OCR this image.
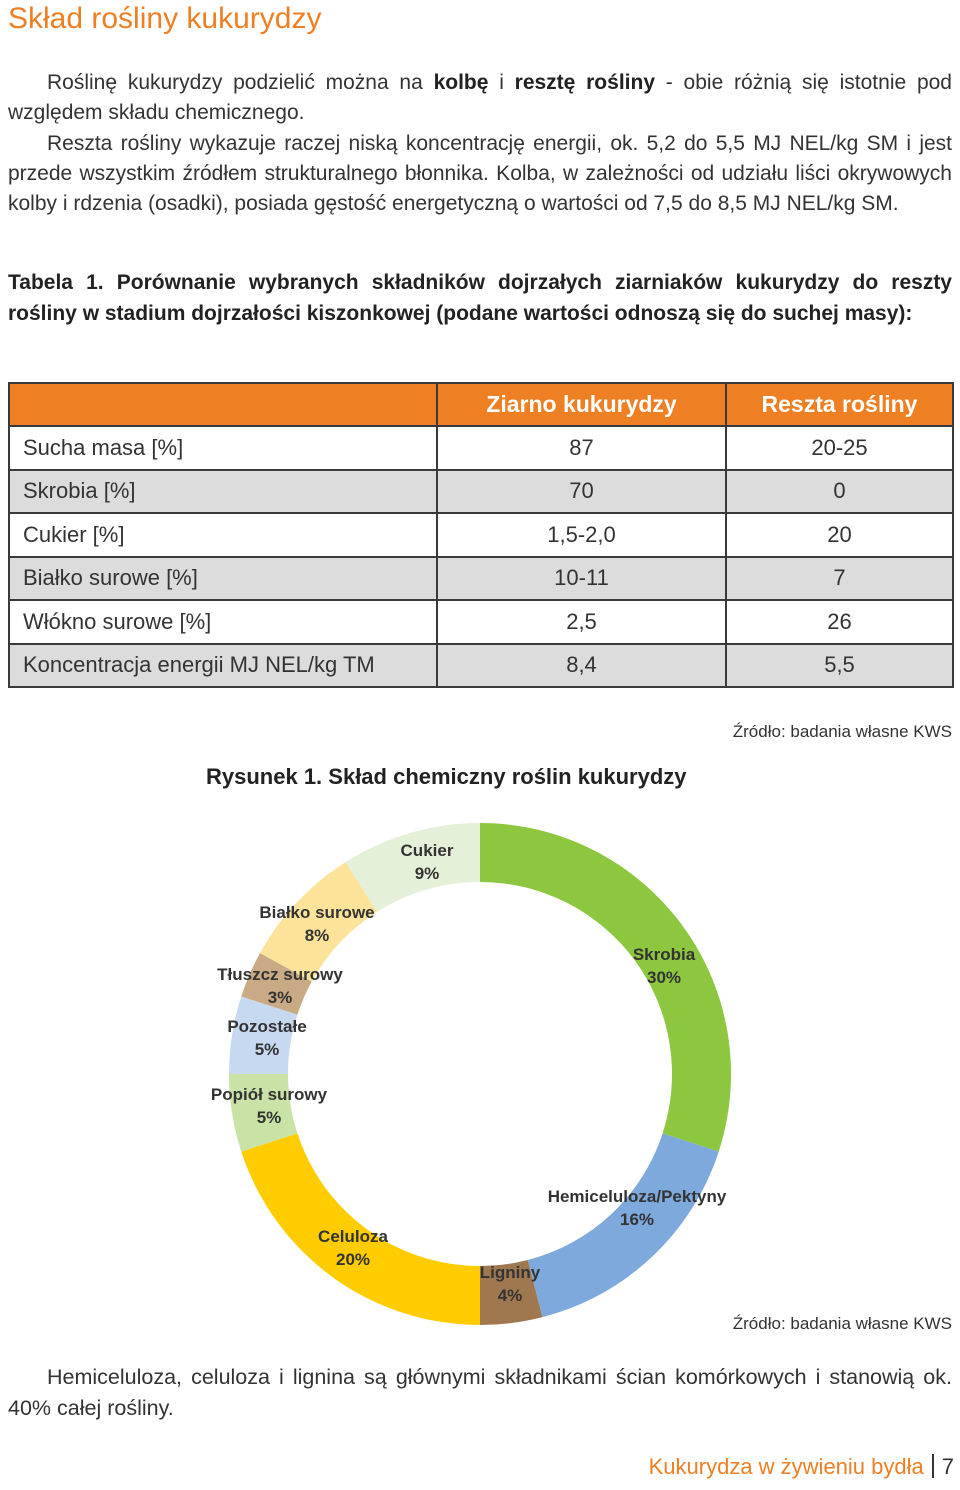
Skład rośliny kukurydzy

Roślinę kukurydzy podzielić można na kolbę i resztę rośliny - obie różnią się istotnie pod względem składu chemicznego.

Reszta rośliny wykazuje raczej niską koncentrację energii, ok. 5,2 do 5,5 MJ NEL/kg SM i jest przede wszystkim źródłem strukturalnego błonnika. Kolba, w zależności od udziału liści okrywowych kolby i rdzenia (osadki), posiada gęstość energetyczną o wartości od 7,5 do 8,5 MJ NEL/kg SM.

Tabela 1. Porównanie wybranych składników dojrzałych ziarniaków kukurydzy do reszty rośliny w stadium dojrzałości kiszonkowej (podane wartości odnoszą się do suchej masy):
	Ziarno kukurydzy	Reszta rośliny
Sucha masa [%]	87	20-25
Skrobia [%]	70	0
Cukier [%]	1,5-2,0	20
Białko surowe [%]	10-11	7
Włókno surowe [%]	2,5	26
Koncentracja energii MJ NEL/kg TM	8,4	5,5
Źródło: badania własne KWS
Rysunek 1. Skład chemiczny roślin kukurydzy
Skrobia
30%
Hemiceluloza/Pektyny
16%
Ligniny
4%
Celuloza
20%
Popiół surowy
5%
Pozostałe
5%
Tłuszcz surowy
3%
Białko surowe
8%
Cukier
9%
Źródło: badania własne KWS

Hemiceluloza, celuloza i lignina są głównymi składnikami ścian komórkowych i stanowią ok. 40% całej rośliny.

Kukurydza w żywieniu bydła 7
